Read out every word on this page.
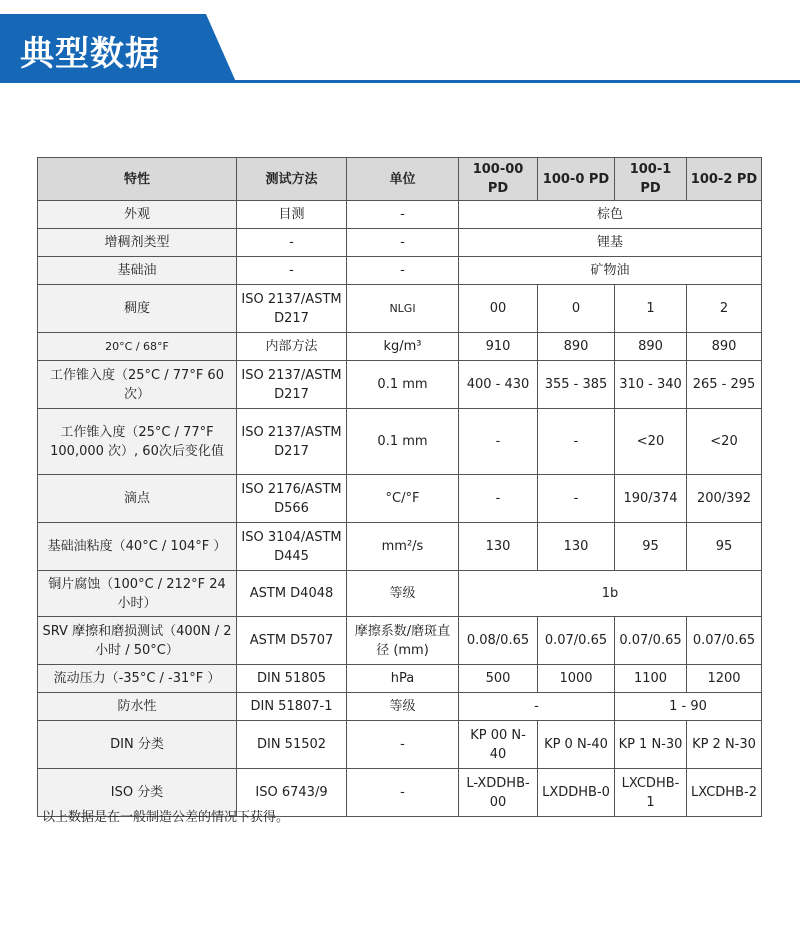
典型数据
特性	测试方法	单位	100-00 PD	100-0 PD	100-1 PD	100-2 PD
外观	目测	-	棕色			
增稠剂类型	-	-	锂基			
基础油	-	-	矿物油			
稠度	ISO 2137/ASTM D217	NLGI	00	0	1	2
20°C / 68°F	内部方法	kg/m³	910	890	890	890
工作锥入度（25°C / 77°F 60次）	ISO 2137/ASTM D217	0.1 mm	400 - 430	355 - 385	310 - 340	265 - 295
工作锥入度（25°C / 77°F 100,000 次）, 60次后变化值	ISO 2137/ASTM D217	0.1 mm	-	-	<20	<20
滴点	ISO 2176/ASTM D566	°C/°F	-	-	190/374	200/392
基础油粘度（40°C / 104°F ）	ISO 3104/ASTM D445	mm²/s	130	130	95	95
铜片腐蚀（100°C / 212°F 24 小时）	ASTM D4048	等级	1b			
SRV 摩擦和磨损测试（400N / 2 小时 / 50°C）	ASTM D5707	摩擦系数/磨斑直径 (mm)	0.08/0.65	0.07/0.65	0.07/0.65	0.07/0.65
流动压力（-35°C / -31°F ）	DIN 51805	hPa	500	1000	1100	1200
防水性	DIN 51807-1	等级	-		1 - 90	
DIN 分类	DIN 51502	-	KP 00 N-40	KP 0 N-40	KP 1 N-30	KP 2 N-30
ISO 分类	ISO 6743/9	-	L-XDDHB-00	LXDDHB-0	LXCDHB-1	LXCDHB-2
以上数据是在一般制造公差的情况下获得。
